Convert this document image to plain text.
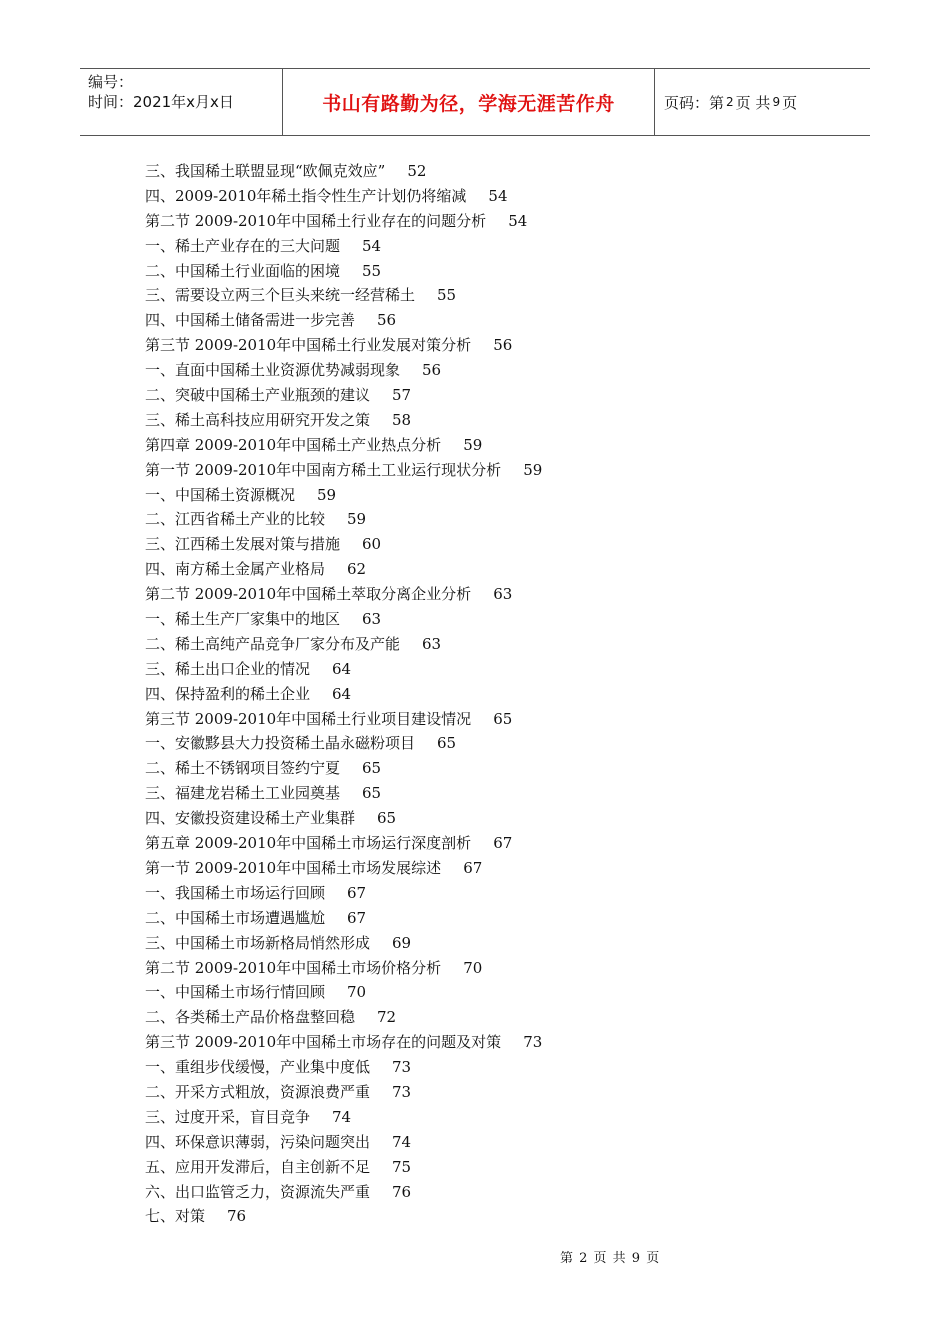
编号：
时间：2021年x月x日	书山有路勤为径，学海无涯苦作舟	页码：第 2 页 共 9 页
三、我国稀土联盟显现“欧佩克效应” 52
四、2009-2010年稀土指令性生产计划仍将缩减 54
第二节 2009-2010年中国稀土行业存在的问题分析 54
一、稀土产业存在的三大问题 54
二、中国稀土行业面临的困境 55
三、需要设立两三个巨头来统一经营稀土 55
四、中国稀土储备需进一步完善 56
第三节 2009-2010年中国稀土行业发展对策分析 56
一、直面中国稀土业资源优势减弱现象 56
二、突破中国稀土产业瓶颈的建议 57
三、稀土高科技应用研究开发之策 58
第四章 2009-2010年中国稀土产业热点分析 59
第一节 2009-2010年中国南方稀土工业运行现状分析 59
一、中国稀土资源概况 59
二、江西省稀土产业的比较 59
三、江西稀土发展对策与措施 60
四、南方稀土金属产业格局 62
第二节 2009-2010年中国稀土萃取分离企业分析 63
一、稀土生产厂家集中的地区 63
二、稀土高纯产品竞争厂家分布及产能 63
三、稀土出口企业的情况 64
四、保持盈利的稀土企业 64
第三节 2009-2010年中国稀土行业项目建设情况 65
一、安徽黟县大力投资稀土晶永磁粉项目 65
二、稀土不锈钢项目签约宁夏 65
三、福建龙岩稀土工业园奠基 65
四、安徽投资建设稀土产业集群 65
第五章 2009-2010年中国稀土市场运行深度剖析 67
第一节 2009-2010年中国稀土市场发展综述 67
一、我国稀土市场运行回顾 67
二、中国稀土市场遭遇尴尬 67
三、中国稀土市场新格局悄然形成 69
第二节 2009-2010年中国稀土市场价格分析 70
一、中国稀土市场行情回顾 70
二、各类稀土产品价格盘整回稳 72
第三节 2009-2010年中国稀土市场存在的问题及对策 73
一、重组步伐缓慢，产业集中度低 73
二、开采方式粗放，资源浪费严重 73
三、过度开采，盲目竞争 74
四、环保意识薄弱，污染问题突出 74
五、应用开发滞后，自主创新不足 75
六、出口监管乏力，资源流失严重 76
七、对策 76
第 2 页 共 9 页
